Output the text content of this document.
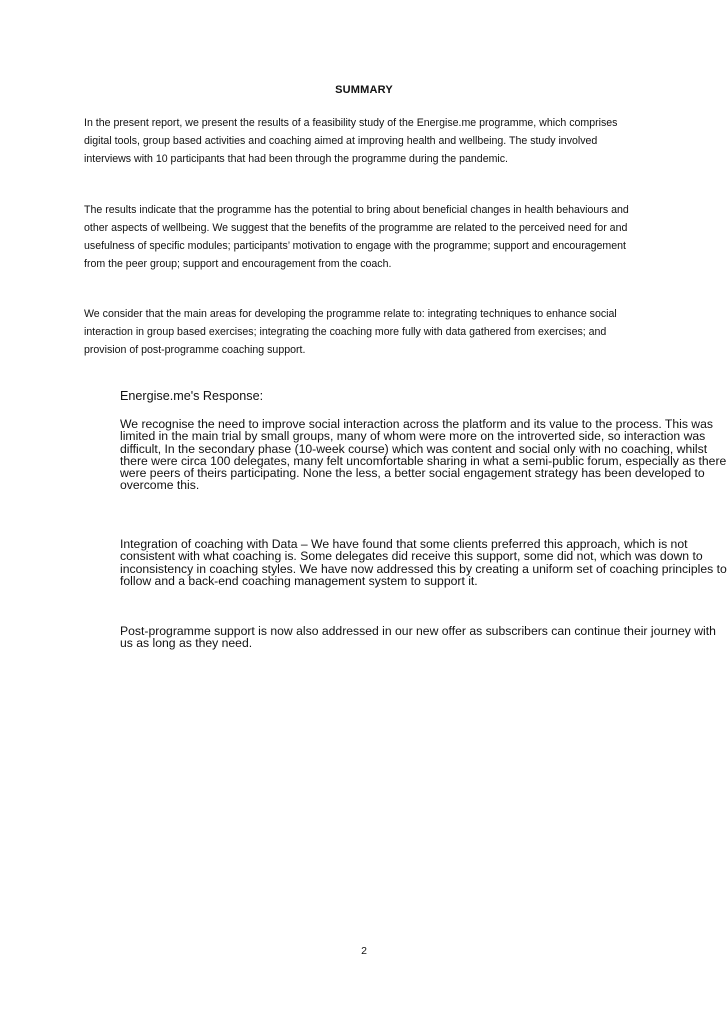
SUMMARY

In the present report, we present the results of a feasibility study of the Energise.me programme, which comprises digital tools, group based activities and coaching aimed at improving health and wellbeing. The study involved interviews with 10 participants that had been through the programme during the pandemic.

The results indicate that the programme has the potential to bring about beneficial changes in health behaviours and other aspects of wellbeing. We suggest that the benefits of the programme are related to the perceived need for and usefulness of specific modules; participants’ motivation to engage with the programme; support and encouragement from the peer group; support and encouragement from the coach.

We consider that the main areas for developing the programme relate to: integrating techniques to enhance social interaction in group based exercises; integrating the coaching more fully with data gathered from exercises; and provision of post-programme coaching support.

Energise.me's Response:

We recognise the need to improve social interaction across the platform and its value to the process. This was limited in the main trial by small groups, many of whom were more on the introverted side, so interaction was difficult, In the secondary phase (10-week course) which was content and social only with no coaching, whilst there were circa 100 delegates, many felt uncomfortable sharing in what a semi-public forum, especially as there were peers of theirs participating. None the less, a better social engagement strategy has been developed to overcome this.

Integration of coaching with Data – We have found that some clients preferred this approach, which is not consistent with what coaching is. Some delegates did receive this support, some did not, which was down to inconsistency in coaching styles. We have now addressed this by creating a uniform set of coaching principles to follow and a back-end coaching management system to support it.

Post-programme support is now also addressed in our new offer as subscribers can continue their journey with us as long as they need.

2
